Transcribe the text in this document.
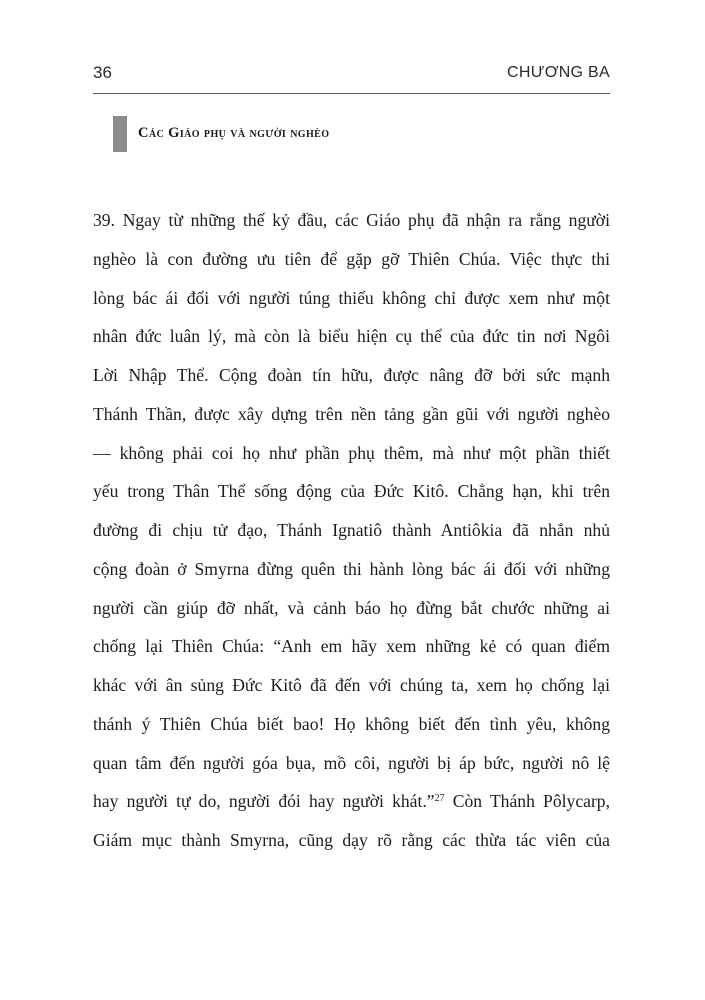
36	CHƯƠNG BA
Các Giáo phụ và người nghèo
39. Ngay từ những thế kỷ đầu, các Giáo phụ đã nhận ra rằng người
nghèo là con đường ưu tiên để gặp gỡ Thiên Chúa. Việc thực thi
lòng bác ái đối với người túng thiếu không chỉ được xem như một
nhân đức luân lý, mà còn là biểu hiện cụ thể của đức tin nơi Ngôi
Lời Nhập Thể. Cộng đoàn tín hữu, được nâng đỡ bởi sức mạnh
Thánh Thần, được xây dựng trên nền tảng gần gũi với người nghèo
— không phải coi họ như phần phụ thêm, mà như một phần thiết
yếu trong Thân Thể sống động của Đức Kitô. Chẳng hạn, khi trên
đường đi chịu tử đạo, Thánh Ignatiô thành Antiôkia đã nhắn nhủ
cộng đoàn ở Smyrna đừng quên thi hành lòng bác ái đối với những
người cần giúp đỡ nhất, và cảnh báo họ đừng bắt chước những ai
chống lại Thiên Chúa: “Anh em hãy xem những kẻ có quan điểm
khác với ân sủng Đức Kitô đã đến với chúng ta, xem họ chống lại
thánh ý Thiên Chúa biết bao! Họ không biết đến tình yêu, không
quan tâm đến người góa bụa, mồ côi, người bị áp bức, người nô lệ
hay người tự do, người đói hay người khát.”$^{27}$ Còn Thánh Pôlycarp,
Giám mục thành Smyrna, cũng dạy rõ rằng các thừa tác viên của
